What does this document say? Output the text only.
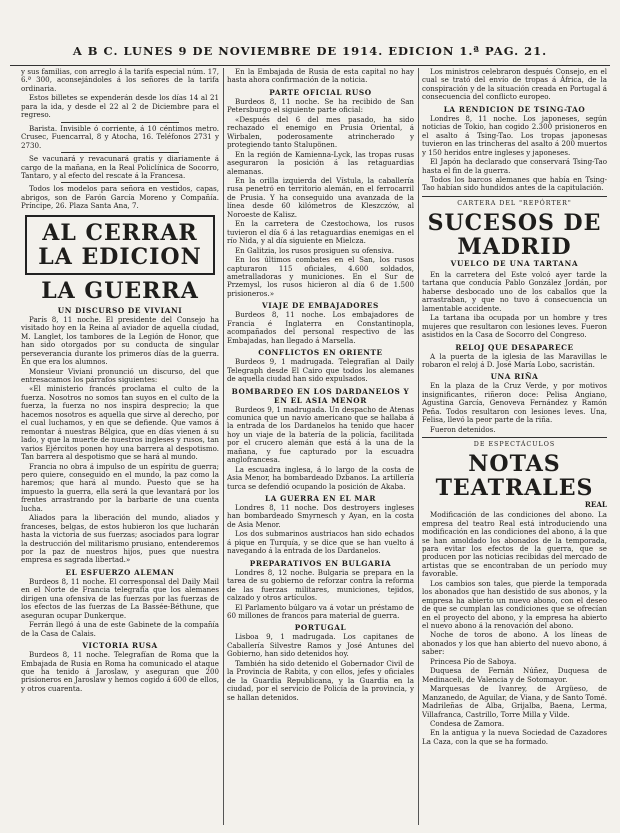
A B C. LUNES 9 DE NOVIEMBRE DE 1914. EDICION 1.ª PAG. 21.

y sus familias, con arreglo á la tarifa especial núm. 17, 6.ª 300, aconsejándoles á los señores de la tarifa ordinaria.

Estos billetes se expenderán desde los días 14 al 21 para la ida, y desde el 22 al 2 de Diciembre para el regreso.

Barista. Invisible ó corriente, á 10 céntimos metro. Crusec, Fuencarral, 8 y Atocha, 16. Teléfonos 2731 y 2730.

Se vacunará y revacunará gratis y diariamente á cargo de la mañana, en la Real Policlínica de Socorro, Tantaro, y al efecto del rescate á la Francesa.

Todos los modelos para señora en vestidos, capas, abrigos, son de Farón García Moreno y Compañía. Príncipe, 26. Plaza Santa Ana, 7.

AL CERRAR
LA EDICION
LA GUERRA
UN DISCURSO DE VIVIANI

París 8, 11 noche. El presidente del Consejo ha visitado hoy en la Reina al aviador de aquella ciudad, M. Langlet, los tambores de la Legión de Honor, que han sido otorgados por su conducta de singular perseverancia durante los primeros días de la guerra. En que era los alumnos.

Monsieur Viviani pronunció un discurso, del que entresacamos los párrafos siguientes:

«El ministerio francés proclama el culto de la fuerza. Nosotros no somos tan suyos en el culto de la fuerza, la fuerza no nos inspira desprecio; la que hacemos nosotros es aquella que sirve al derecho, por el cual luchamos, y en que se defiende. Que vamos á remontar á nuestras Bélgica, que en días vienen á su lado, y que la muerte de nuestros ingleses y rusos, tan varios Ejércitos ponen hoy una barrera al despotismo. Tan barrera al despotismo que se hará al mundo.

Francia no obra á impulso de un espíritu de guerra; pero quiere, conseguido en el mundo, la paz como la haremos; que hará al mundo. Puesto que se ha impuesto la guerra, ella será la que levantará por los frentes arrastrando por la barbarie de una cuenta lucha.

Aliados para la liberación del mundo, aliados y franceses, belgas, de estos hubieron los que lucharán hasta la victoria de sus fuerzas; asociados para lograr la destrucción del militarismo prusiano, entenderemos por la paz de nuestros hijos, pues que nuestra empresa es sagrada libertad.»

EL ESFUERZO ALEMAN

Burdeos 8, 11 noche. El corresponsal del Daily Mail en el Norte de Francia telegrafía que los alemanes dirigen una ofensiva de las fuerzas por las fuerzas de los efectos de las fuerzas de La Bassée-Béthune, que aseguran ocupar Dunkerque.

Ferrán llegó á una de este Gabinete de la compañía de la Casa de Calais.

VICTORIA RUSA

Burdeos 8, 11 noche. Telegrafían de Roma que la Embajada de Rusia en Roma ha comunicado el ataque que ha tenido á Jaroslaw, y aseguran que 200 prisioneros en Jaroslaw y hemos cogido á 600 de ellos, y otros cuarenta.

En la Embajada de Rusia de esta capital no hay hasta ahora confirmación de la noticia.

PARTE OFICIAL RUSO

Burdeos 8, 11 noche. Se ha recibido de San Petersburgo el siguiente parte oficial:

«Después del 6 del mes pasado, ha sido rechazado el enemigo en Prusia Oriental, á Wirbalen, poderosamente atrincherado y protegiendo tanto Stalupönen.

En la región de Kamienna-Lyck, las tropas rusas aseguraron la posición á las retaguardias alemanas.

En la orilla izquierda del Vístula, la caballería rusa penetró en territorio alemán, en el ferrocarril de Prusia. Y ha conseguido una avanzada de la línea desde 60 kilómetros de Kleszczów, al Noroeste de Kalisz.

En la carretera de Czestochowa, los rusos tuvieron el día 6 á las retaguardias enemigas en el río Nida, y al día siguiente en Mielcza.

En Galitzia, los rusos prosiguen su ofensiva.

En los últimos combates en el San, los rusos capturaron 115 oficiales, 4.600 soldados, ametralladoras y municiones. En el Sur de Przemysl, los rusos hicieron al día 6 de 1.500 prisioneros.»

VIAJE DE EMBAJADORES

Burdeos 8, 11 noche. Los embajadores de Francia é Inglaterra en Constantinopla, acompañados del personal respectivo de las Embajadas, han llegado á Marsella.

CONFLICTOS EN ORIENTE

Burdeos 9, 1 madrugada. Telegrafían al Daily Telegraph desde El Cairo que todos los alemanes de aquella ciudad han sido expulsados.

BOMBARDEO EN LOS DARDANELOS Y EN EL ASIA MENOR

Burdeos 9, 1 madrugada. Un despacho de Atenas comunica que un navío americano que se hallaba á la entrada de los Dardanelos ha tenido que hacer hoy un viaje de la batería de la policía, facilitada por el crucero alemán que está á la una de la mañana, y fue capturado por la escuadra anglofrancesa.

La escuadra inglesa, á lo largo de la costa de Asia Menor, ha bombardeado Dzbanos. La artillería turca se defendió ocupando la posición de Akaba.

LA GUERRA EN EL MAR

Londres 8, 11 noche. Dos destroyers ingleses han bombardeado Smyrnesch y Ayan, en la costa de Asia Menor.

Los dos submarinos austriacos han sido echados á pique en Turquía, y se dice que se han vuelto á navegando á la entrada de los Dardanelos.

PREPARATIVOS EN BULGARIA

Londres 8, 12 noche. Bulgaria se prepara en la tarea de su gobierno de reforzar contra la reforma de las fuerzas militares, municiones, tejidos, calzado y otros artículos.

El Parlamento búlgaro va á votar un préstamo de 60 millones de francos para material de guerra.

PORTUGAL

Lisboa 9, 1 madrugada. Los capitanes de Caballería Silvestre Ramos y José Antunes del Gobierno, han sido detenidos hoy.

También ha sido detenido el Gobernador Civil de la Provincia de Rabita, y con ellos, jefes y oficiales de la Guardia Republicana, y la Guardia en la ciudad, por el servicio de Policía de la provincia, y se hallan detenidos.

Los ministros celebraron después Consejo, en el cual se trató del envío de tropas á África, de la conspiración y de la situación creada en Portugal á consecuencia del conflicto europeo.

LA RENDICION DE TSING-TAO

Londres 8, 11 noche. Los japoneses, según noticias de Tokio, han cogido 2.300 prisioneros en el asalto á Tsing-Tao. Los tropas japonesas tuvieron en las trincheras del asalto á 200 muertos y 150 heridos entre ingleses y japoneses.

El Japón ha declarado que conservará Tsing-Tao hasta el fin de la guerra.

Todos los barcos alemanes que había en Tsing-Tao habían sido hundidos antes de la capitulación.

CARTERA DEL "REPÓRTER"
SUCESOS DE MADRID
VUELCO DE UNA TARTANA

En la carretera del Este volcó ayer tarde la tartana que conducía Pablo González Jordán, por haberse desbocado uno de los caballos que la arrastraban, y que no tuvo á consecuencia un lamentable accidente.

La tartana iba ocupada por un hombre y tres mujeres que resultaron con lesiones leves. Fueron asistidos en la Casa de Socorro del Congreso.

RELOJ QUE DESAPARECE

A la puerta de la iglesia de las Maravillas le robaron el reloj á D. José María Lobo, sacristán.

UNA RIÑA

En la plaza de la Cruz Verde, y por motivos insignificantes, riñeron doce: Pelisa Angiano, Agustina García, Genoveva Fernández y Ramón Peña. Todos resultaron con lesiones leves. Una, Felisa, llevó la peor parte de la riña.

Fueron detenidos.

DE ESPECTÁCULOS
NOTAS TEATRALES
REAL

Modificación de las condiciones del abono. La empresa del teatro Real está introduciendo una modificación en las condiciones del abono, á la que se han amoldado los abonados de la temporada, para evitar los efectos de la guerra, que se producen por las noticias recibidas del mercado de artistas que se encontraban de un período muy favorable.

Los cambios son tales, que pierde la temporada los abonados que han desistido de sus abonos, y la empresa ha abierto un nuevo abono, con el deseo de que se cumplan las condiciones que se ofrecían en el proyecto del abono, y la empresa ha abierto el nuevo abono á la renovación del abono.

Noche de toros de abono. A los líneas de abonados y los que han abierto del nuevo abono, á saber:

Princesa Pío de Saboya.

Duquesa de Fernán Núñez, Duquesa de Medinaceli, de Valencia y de Sotomayor.

Marquesas de Ivanrey, de Argüeso, de Manzanedo, de Aguilar, de Viana, y de Santo Tomé. Madrileñas de Alba, Grijalba, Baena, Lerma, Villafranca, Castrillo, Torre Milla y Vilde.

Condesa de Zamora.

En la antigua y la nueva Sociedad de Cazadores La Caza, con la que se ha formado.
